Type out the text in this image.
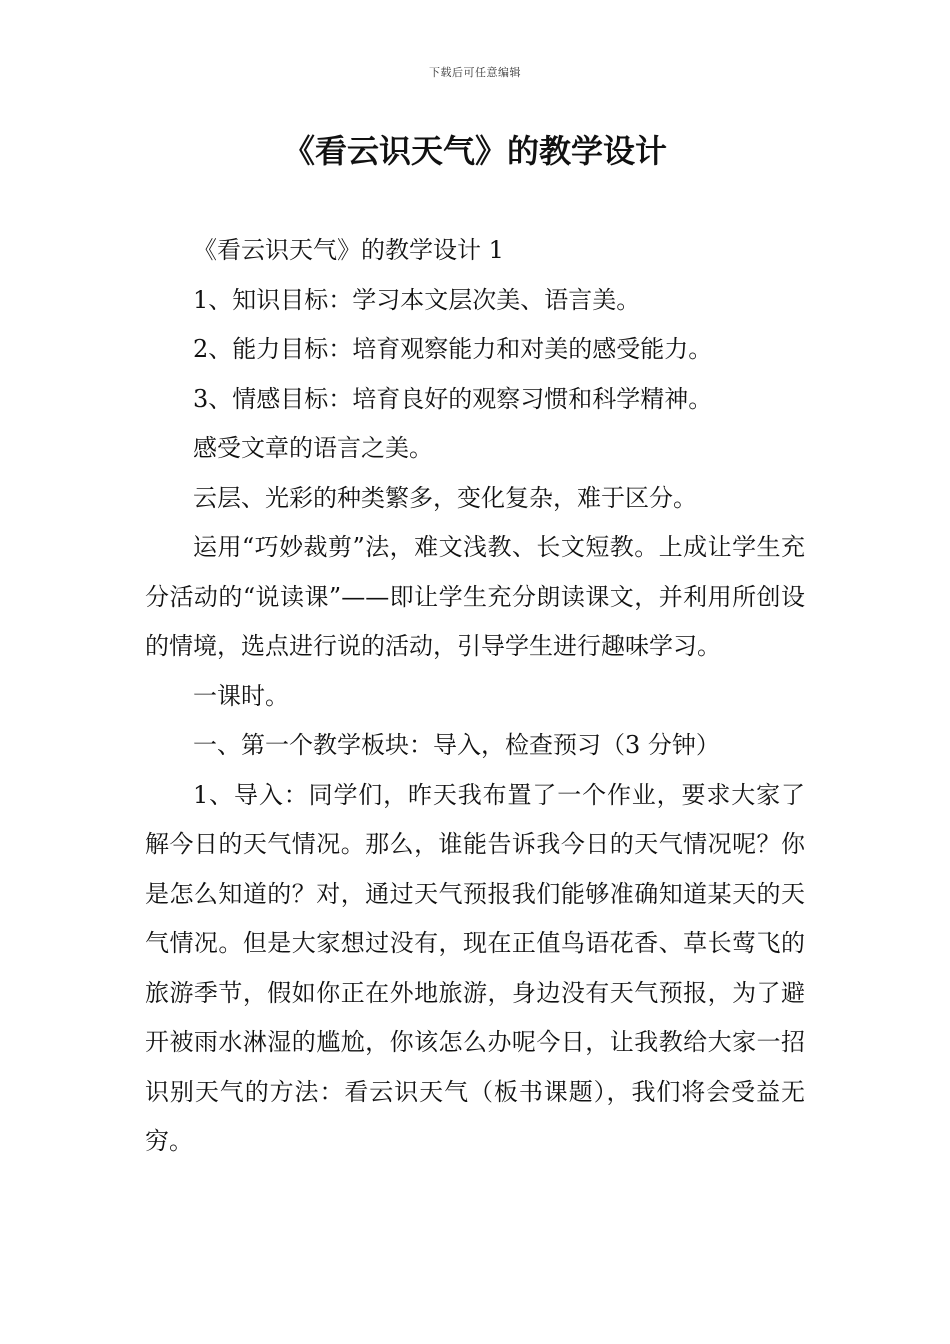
下载后可任意编辑
《看云识天气》的教学设计

《看云识天气》的教学设计 1

1、知识目标：学习本文层次美、语言美。

2、能力目标：培育观察能力和对美的感受能力。

3、情感目标：培育良好的观察习惯和科学精神。

感受文章的语言之美。

云层、光彩的种类繁多，变化复杂，难于区分。

运用“巧妙裁剪”法，难文浅教、长文短教。上成让学生充分活动的“说读课”——即让学生充分朗读课文，并利用所创设的情境，选点进行说的活动，引导学生进行趣味学习。

一课时。

一、第一个教学板块：导入，检查预习（3 分钟）

1、导入：同学们，昨天我布置了一个作业，要求大家了解今日的天气情况。那么，谁能告诉我今日的天气情况呢？你是怎么知道的？对，通过天气预报我们能够准确知道某天的天气情况。但是大家想过没有，现在正值鸟语花香、草长莺飞的旅游季节，假如你正在外地旅游，身边没有天气预报，为了避开被雨水淋湿的尴尬，你该怎么办呢今日，让我教给大家一招识别天气的方法：看云识天气（板书课题），我们将会受益无穷。
